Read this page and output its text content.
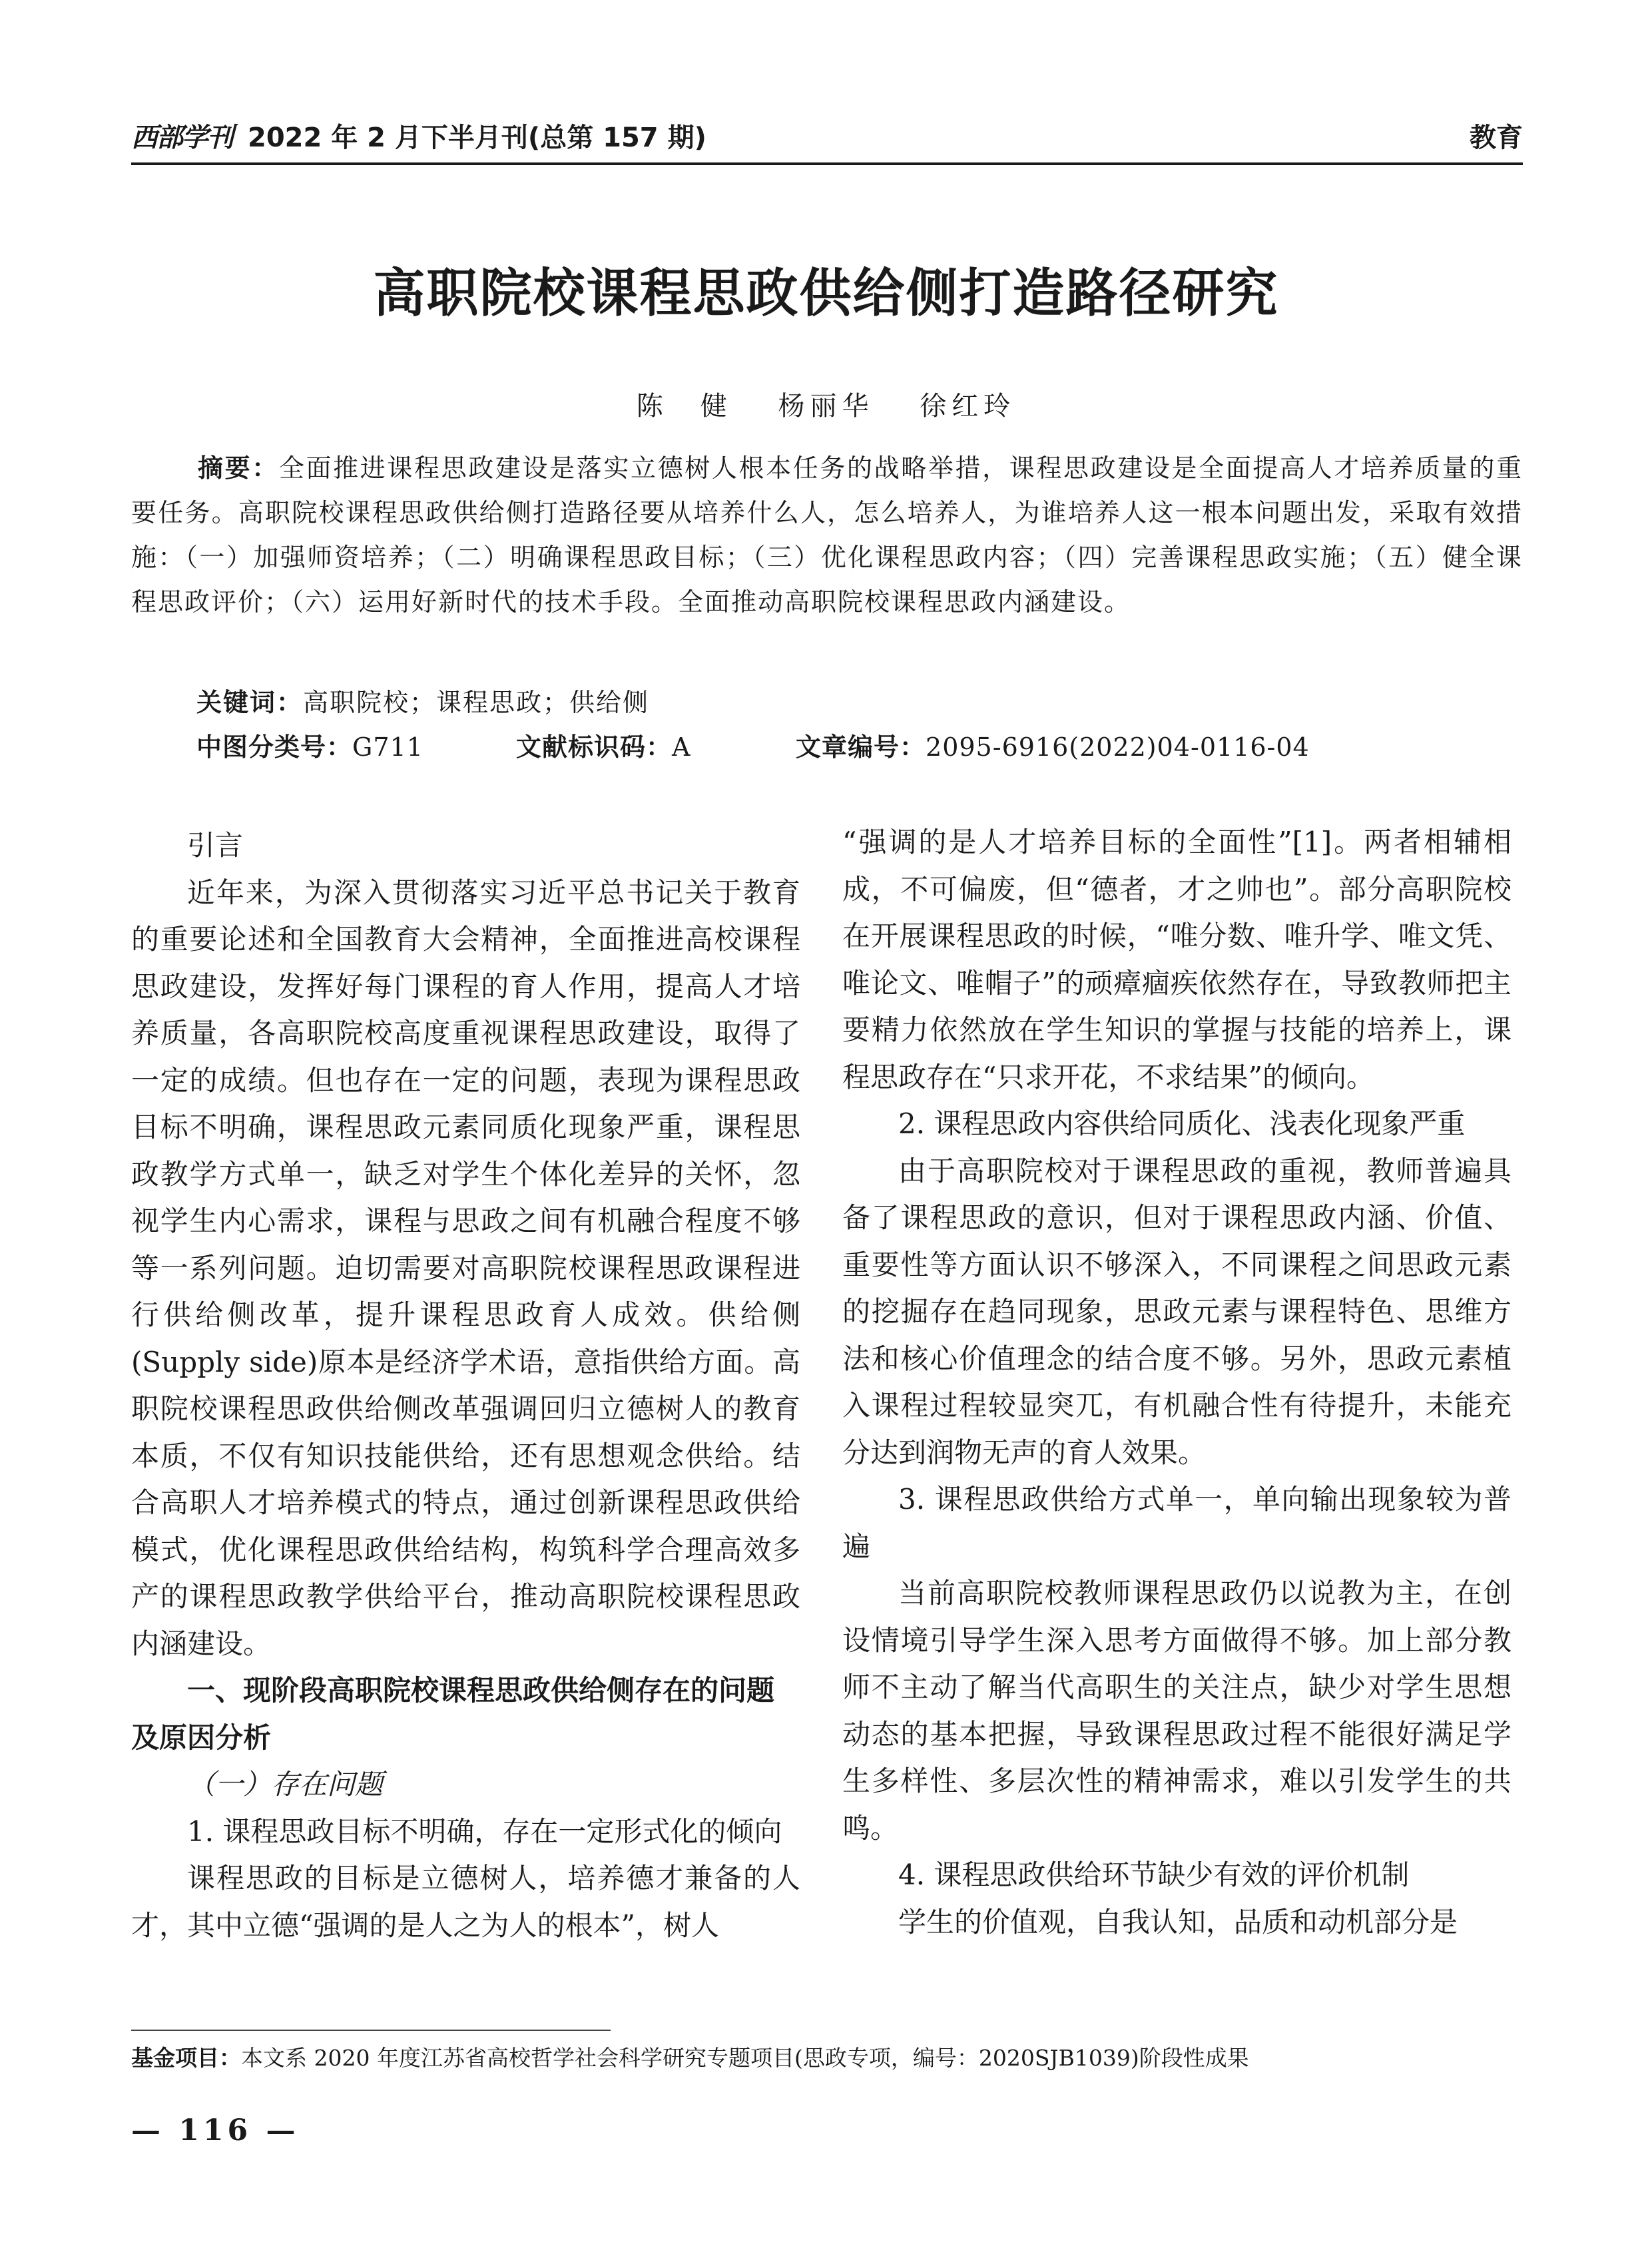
西部学刊 2022 年 2 月下半月刊(总第 157 期)	教育
高职院校课程思政供给侧打造路径研究
陈　健 杨丽华 徐红玲
摘要：全面推进课程思政建设是落实立德树人根本任务的战略举措，课程思政建设是全面提高人才培养质量的重要任务。高职院校课程思政供给侧打造路径要从培养什么人，怎么培养人，为谁培养人这一根本问题出发，采取有效措施：（一）加强师资培养；（二）明确课程思政目标；（三）优化课程思政内容；（四）完善课程思政实施；（五）健全课程思政评价；（六）运用好新时代的技术手段。全面推动高职院校课程思政内涵建设。
关键词：高职院校；课程思政；供给侧
中图分类号：G711	文献标识码：A	文章编号：2095-6916(2022)04-0116-04
引言

近年来，为深入贯彻落实习近平总书记关于教育的重要论述和全国教育大会精神，全面推进高校课程思政建设，发挥好每门课程的育人作用，提高人才培养质量，各高职院校高度重视课程思政建设，取得了一定的成绩。但也存在一定的问题，表现为课程思政目标不明确，课程思政元素同质化现象严重，课程思政教学方式单一，缺乏对学生个体化差异的关怀，忽视学生内心需求，课程与思政之间有机融合程度不够等一系列问题。迫切需要对高职院校课程思政课程进行供给侧改革，提升课程思政育人成效。供给侧(Supply side)原本是经济学术语，意指供给方面。高职院校课程思政供给侧改革强调回归立德树人的教育本质，不仅有知识技能供给，还有思想观念供给。结合高职人才培养模式的特点，通过创新课程思政供给模式，优化课程思政供给结构，构筑科学合理高效多产的课程思政教学供给平台，推动高职院校课程思政内涵建设。

一、现阶段高职院校课程思政供给侧存在的问题及原因分析

（一）存在问题

1. 课程思政目标不明确，存在一定形式化的倾向

课程思政的目标是立德树人，培养德才兼备的人才，其中立德“强调的是人之为人的根本”，树人

“强调的是人才培养目标的全面性”[1]。两者相辅相成，不可偏废，但“德者，才之帅也”。部分高职院校在开展课程思政的时候，“唯分数、唯升学、唯文凭、唯论文、唯帽子”的顽瘴痼疾依然存在，导致教师把主要精力依然放在学生知识的掌握与技能的培养上，课程思政存在“只求开花，不求结果”的倾向。

2. 课程思政内容供给同质化、浅表化现象严重

由于高职院校对于课程思政的重视，教师普遍具备了课程思政的意识，但对于课程思政内涵、价值、重要性等方面认识不够深入，不同课程之间思政元素的挖掘存在趋同现象，思政元素与课程特色、思维方法和核心价值理念的结合度不够。另外，思政元素植入课程过程较显突兀，有机融合性有待提升，未能充分达到润物无声的育人效果。

3. 课程思政供给方式单一，单向输出现象较为普遍

当前高职院校教师课程思政仍以说教为主，在创设情境引导学生深入思考方面做得不够。加上部分教师不主动了解当代高职生的关注点，缺少对学生思想动态的基本把握，导致课程思政过程不能很好满足学生多样性、多层次性的精神需求，难以引发学生的共鸣。

4. 课程思政供给环节缺少有效的评价机制

学生的价值观，自我认知，品质和动机部分是

基金项目：本文系 2020 年度江苏省高校哲学社会科学研究专题项目(思政专项，编号：2020SJB1039)阶段性成果
— 116 —
